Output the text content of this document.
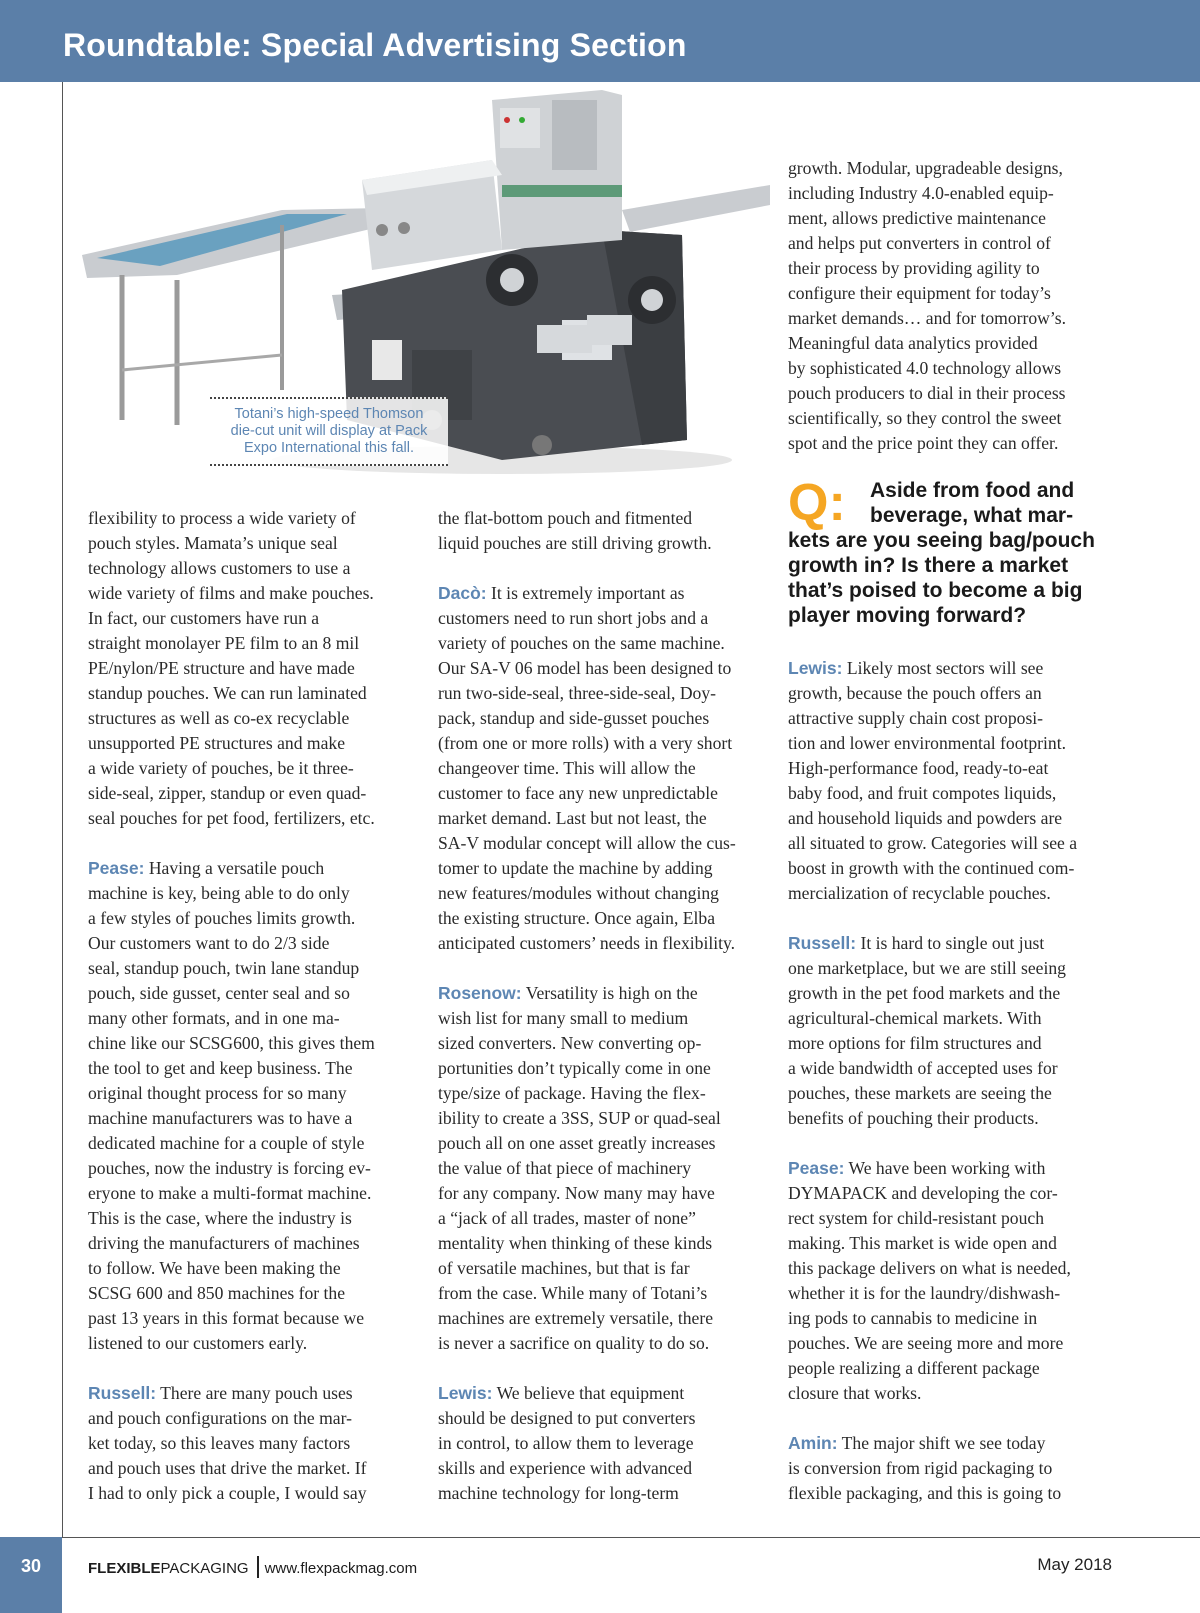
Roundtable: Special Advertising Section
Totani’s high-speed Thomson
die-cut unit will display at Pack
Expo International this fall.

flexibility to process a wide variety of
pouch styles. Mamata’s unique seal
technology allows customers to use a
wide variety of films and make pouches.
In fact, our customers have run a
straight monolayer PE film to an 8 mil
PE/nylon/PE structure and have made
standup pouches. We can run laminated
structures as well as co-ex recyclable
unsupported PE structures and make
a wide variety of pouches, be it three-
side-seal, zipper, standup or even quad-
seal pouches for pet food, fertilizers, etc.

Pease: Having a versatile pouch
machine is key, being able to do only
a few styles of pouches limits growth.
Our customers want to do 2/3 side
seal, standup pouch, twin lane standup
pouch, side gusset, center seal and so
many other formats, and in one ma-
chine like our SCSG600, this gives them
the tool to get and keep business. The
original thought process for so many
machine manufacturers was to have a
dedicated machine for a couple of style
pouches, now the industry is forcing ev-
eryone to make a multi-format machine.
This is the case, where the industry is
driving the manufacturers of machines
to follow. We have been making the
SCSG 600 and 850 machines for the
past 13 years in this format because we
listened to our customers early.

Russell: There are many pouch uses
and pouch configurations on the mar-
ket today, so this leaves many factors
and pouch uses that drive the market. If
I had to only pick a couple, I would say

the flat-bottom pouch and fitmented
liquid pouches are still driving growth.

Dacò: It is extremely important as
customers need to run short jobs and a
variety of pouches on the same machine.
Our SA-V 06 model has been designed to
run two-side-seal, three-side-seal, Doy-
pack, standup and side-gusset pouches
(from one or more rolls) with a very short
changeover time. This will allow the
customer to face any new unpredictable
market demand. Last but not least, the
SA-V modular concept will allow the cus-
tomer to update the machine by adding
new features/modules without changing
the existing structure. Once again, Elba
anticipated customers’ needs in flexibility.

Rosenow: Versatility is high on the
wish list for many small to medium
sized converters. New converting op-
portunities don’t typically come in one
type/size of package. Having the flex-
ibility to create a 3SS, SUP or quad-seal
pouch all on one asset greatly increases
the value of that piece of machinery
for any company. Now many may have
a “jack of all trades, master of none”
mentality when thinking of these kinds
of versatile machines, but that is far
from the case. While many of Totani’s
machines are extremely versatile, there
is never a sacrifice on quality to do so.

Lewis: We believe that equipment
should be designed to put converters
in control, to allow them to leverage
skills and experience with advanced
machine technology for long-term

growth. Modular, upgradeable designs,
including Industry 4.0-enabled equip-
ment, allows predictive maintenance
and helps put converters in control of
their process by providing agility to
configure their equipment for today’s
market demands… and for tomorrow’s.
Meaningful data analytics provided
by sophisticated 4.0 technology allows
pouch producers to dial in their process
scientifically, so they control the sweet
spot and the price point they can offer.

Q:	Aside from food and
beverage, what mar-
kets are you seeing bag/pouch
growth in? Is there a market
that’s poised to become a big
player moving forward?

Lewis: Likely most sectors will see
growth, because the pouch offers an
attractive supply chain cost proposi-
tion and lower environmental footprint.
High-performance food, ready-to-eat
baby food, and fruit compotes liquids,
and household liquids and powders are
all situated to grow. Categories will see a
boost in growth with the continued com-
mercialization of recyclable pouches.

Russell: It is hard to single out just
one marketplace, but we are still seeing
growth in the pet food markets and the
agricultural-chemical markets. With
more options for film structures and
a wide bandwidth of accepted uses for
pouches, these markets are seeing the
benefits of pouching their products.

Pease: We have been working with
DYMAPACK and developing the cor-
rect system for child-resistant pouch
making. This market is wide open and
this package delivers on what is needed,
whether it is for the laundry/dishwash-
ing pods to cannabis to medicine in
pouches. We are seeing more and more
people realizing a different package
closure that works.

Amin: The major shift we see today
is conversion from rigid packaging to
flexible packaging, and this is going to

30	FLEXIBLEPACKAGING www.flexpackmag.com	May 2018
